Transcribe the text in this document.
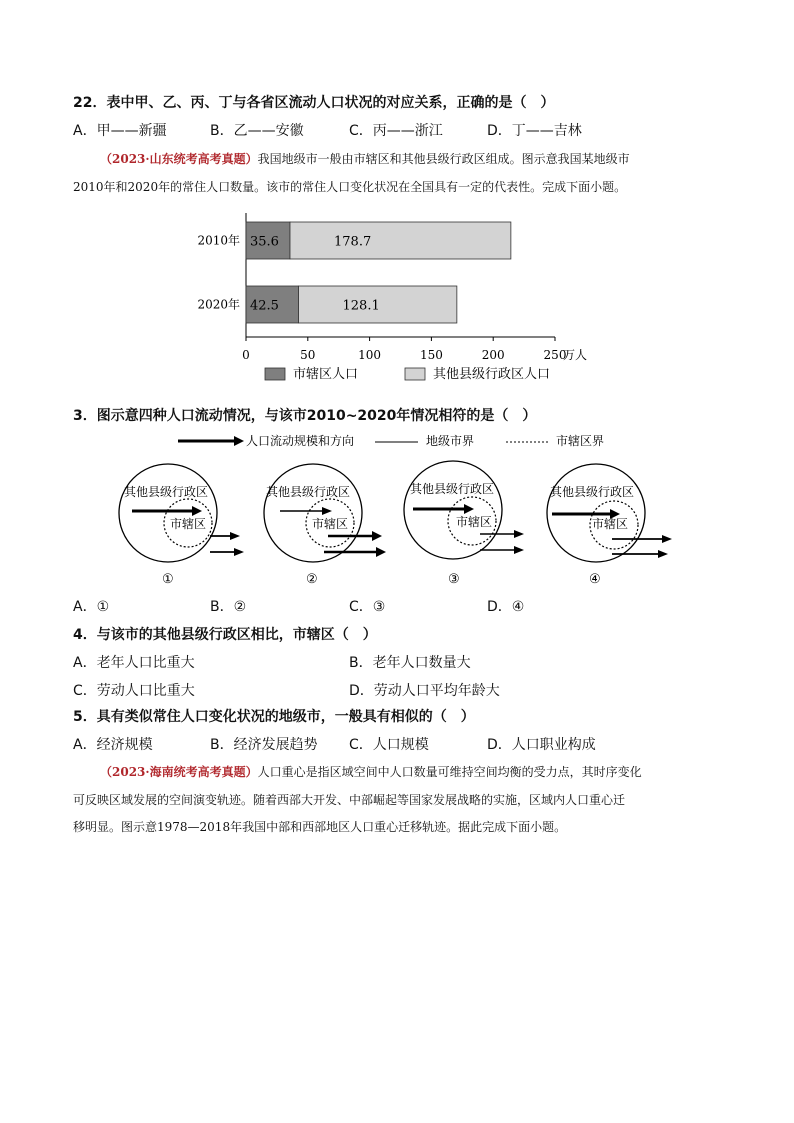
22．表中甲、乙、丙、丁与各省区流动人口状况的对应关系，正确的是（　）
A．甲——新疆	B．乙——安徽	C．丙——浙江	D．丁——吉林
（2023·山东统考高考真题）我国地级市一般由市辖区和其他县级行政区组成。图示意我国某地级市
2010年和2020年的常住人口数量。该市的常住人口变化状况在全国具有一定的代表性。完成下面小题。
0	50	100	150	200	250
万人
2010年 35.6	178.7
2020年 42.5	128.1
市辖区人口	其他县级行政区人口
3．图示意四种人口流动情况，与该市2010~2020年情况相符的是（　）
人口流动规模和方向	地级市界	市辖区界
其他县级行政区
市辖区
①
其他县级行政区
市辖区
②
其他县级行政区
市辖区
③
其他县级行政区
市辖区
④
A．①	B．②	C．③	D．④
4．与该市的其他县级行政区相比，市辖区（　）
A．老年人口比重大	B．老年人口数量大
C．劳动人口比重大	D．劳动人口平均年龄大
5．具有类似常住人口变化状况的地级市，一般具有相似的（　）
A．经济规模	B．经济发展趋势 C．人口规模	D．人口职业构成
（2023·海南统考高考真题）人口重心是指区域空间中人口数量可维持空间均衡的受力点，其时序变化
可反映区域发展的空间演变轨迹。随着西部大开发、中部崛起等国家发展战略的实施，区域内人口重心迁
移明显。图示意1978—2018年我国中部和西部地区人口重心迁移轨迹。据此完成下面小题。
